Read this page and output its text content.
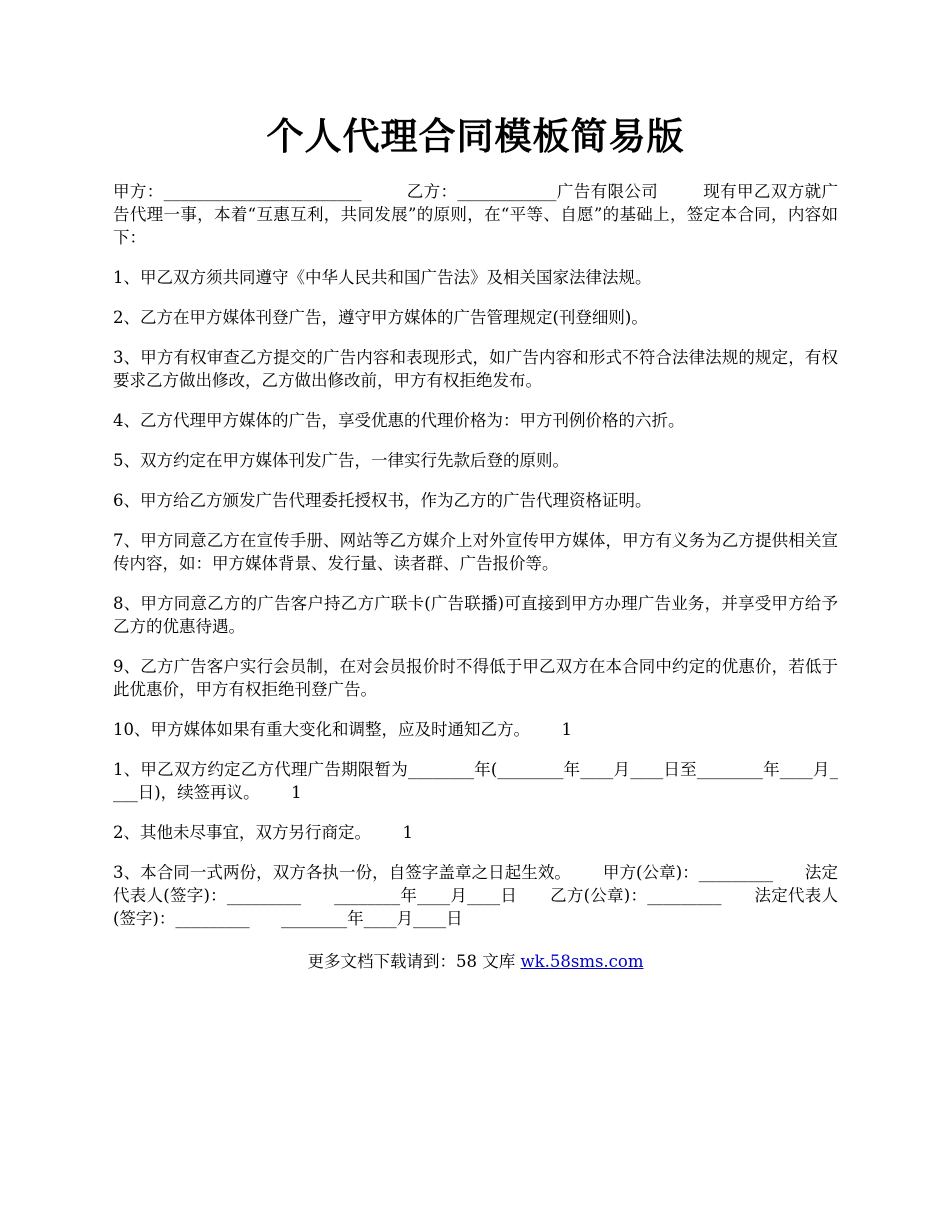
个人代理合同模板简易版

甲方：________________________        乙方：____________广告有限公司        现有甲乙双方就广告代理一事，本着“互惠互利，共同发展”的原则，在“平等、自愿”的基础上，签定本合同，内容如下：

1、甲乙双方须共同遵守《中华人民共和国广告法》及相关国家法律法规。

2、乙方在甲方媒体刊登广告，遵守甲方媒体的广告管理规定(刊登细则)。

3、甲方有权审查乙方提交的广告内容和表现形式，如广告内容和形式不符合法律法规的规定，有权要求乙方做出修改，乙方做出修改前，甲方有权拒绝发布。

4、乙方代理甲方媒体的广告，享受优惠的代理价格为：甲方刊例价格的六折。

5、双方约定在甲方媒体刊发广告，一律实行先款后登的原则。

6、甲方给乙方颁发广告代理委托授权书，作为乙方的广告代理资格证明。

7、甲方同意乙方在宣传手册、网站等乙方媒介上对外宣传甲方媒体，甲方有义务为乙方提供相关宣传内容，如：甲方媒体背景、发行量、读者群、广告报价等。

8、甲方同意乙方的广告客户持乙方广联卡(广告联播)可直接到甲方办理广告业务，并享受甲方给予乙方的优惠待遇。

9、乙方广告客户实行会员制，在对会员报价时不得低于甲乙双方在本合同中约定的优惠价，若低于此优惠价，甲方有权拒绝刊登广告。

10、甲方媒体如果有重大变化和调整，应及时通知乙方。      1

1、甲乙双方约定乙方代理广告期限暂为________年(________年____月____日至________年____月____日)，续签再议。      1

2、其他未尽事宜，双方另行商定。      1

3、本合同一式两份，双方各执一份，自签字盖章之日起生效。      甲方(公章)：_________      法定代表人(签字)：_________      ________年____月____日      乙方(公章)：_________      法定代表人(签字)：_________      ________年____月____日

更多文档下载请到：58 文库 wk.58sms.com
